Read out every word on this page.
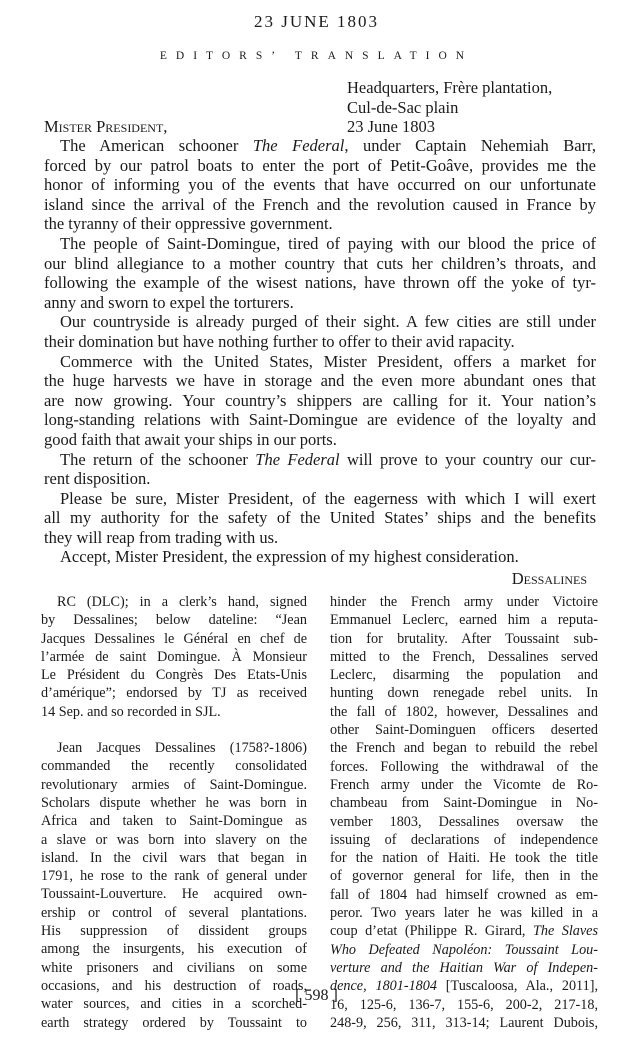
23 JUNE 1803
EDITORS’ TRANSLATION
Headquarters, Frère plantation,
Cul-de-Sac plain
23 June 1803
Mister President,
The American schooner The Federal, under Captain Nehemiah Barr,
forced by our patrol boats to enter the port of Petit-Goâve, provides me the
honor of informing you of the events that have occurred on our unfortunate
island since the arrival of the French and the revolution caused in France by
the tyranny of their oppressive government.
The people of Saint-Domingue, tired of paying with our blood the price of
our blind allegiance to a mother country that cuts her children’s throats, and
following the example of the wisest nations, have thrown off the yoke of tyr-
anny and sworn to expel the torturers.
Our countryside is already purged of their sight. A few cities are still under
their domination but have nothing further to offer to their avid rapacity.
Commerce with the United States, Mister President, offers a market for
the huge harvests we have in storage and the even more abundant ones that
are now growing. Your country’s shippers are calling for it. Your nation’s
long-standing relations with Saint-Domingue are evidence of the loyalty and
good faith that await your ships in our ports.
The return of the schooner The Federal will prove to your country our cur-
rent disposition.
Please be sure, Mister President, of the eagerness with which I will exert
all my authority for the safety of the United States’ ships and the benefits
they will reap from trading with us.
Accept, Mister President, the expression of my highest consideration.
Dessalines
RC (DLC); in a clerk’s hand, signed
by Dessalines; below dateline: “Jean
Jacques Dessalines le Général en chef de
l’armée de saint Domingue. À Monsieur
Le Président du Congrès Des Etats-Unis
d’amérique”; endorsed by TJ as received
14 Sep. and so recorded in SJL.
Jean Jacques Dessalines (1758?-1806)
commanded the recently consolidated
revolutionary armies of Saint-Domingue.
Scholars dispute whether he was born in
Africa and taken to Saint-Domingue as
a slave or was born into slavery on the
island. In the civil wars that began in
1791, he rose to the rank of general under
Toussaint-Louverture. He acquired own-
ership or control of several plantations.
His suppression of dissident groups
among the insurgents, his execution of
white prisoners and civilians on some
occasions, and his destruction of roads,
water sources, and cities in a scorched-
earth strategy ordered by Toussaint to
hinder the French army under Victoire
Emmanuel Leclerc, earned him a reputa-
tion for brutality. After Toussaint sub-
mitted to the French, Dessalines served
Leclerc, disarming the population and
hunting down renegade rebel units. In
the fall of 1802, however, Dessalines and
other Saint-Dominguen officers deserted
the French and began to rebuild the rebel
forces. Following the withdrawal of the
French army under the Vicomte de Ro-
chambeau from Saint-Domingue in No-
vember 1803, Dessalines oversaw the
issuing of declarations of independence
for the nation of Haiti. He took the title
of governor general for life, then in the
fall of 1804 had himself crowned as em-
peror. Two years later he was killed in a
coup d’etat (Philippe R. Girard, The Slaves
Who Defeated Napoléon: Toussaint Lou-
verture and the Haitian War of Indepen-
dence, 1801-1804 [Tuscaloosa, Ala., 2011],
16, 125-6, 136-7, 155-6, 200-2, 217-18,
248-9, 256, 311, 313-14; Laurent Dubois,
[ 598 ]
